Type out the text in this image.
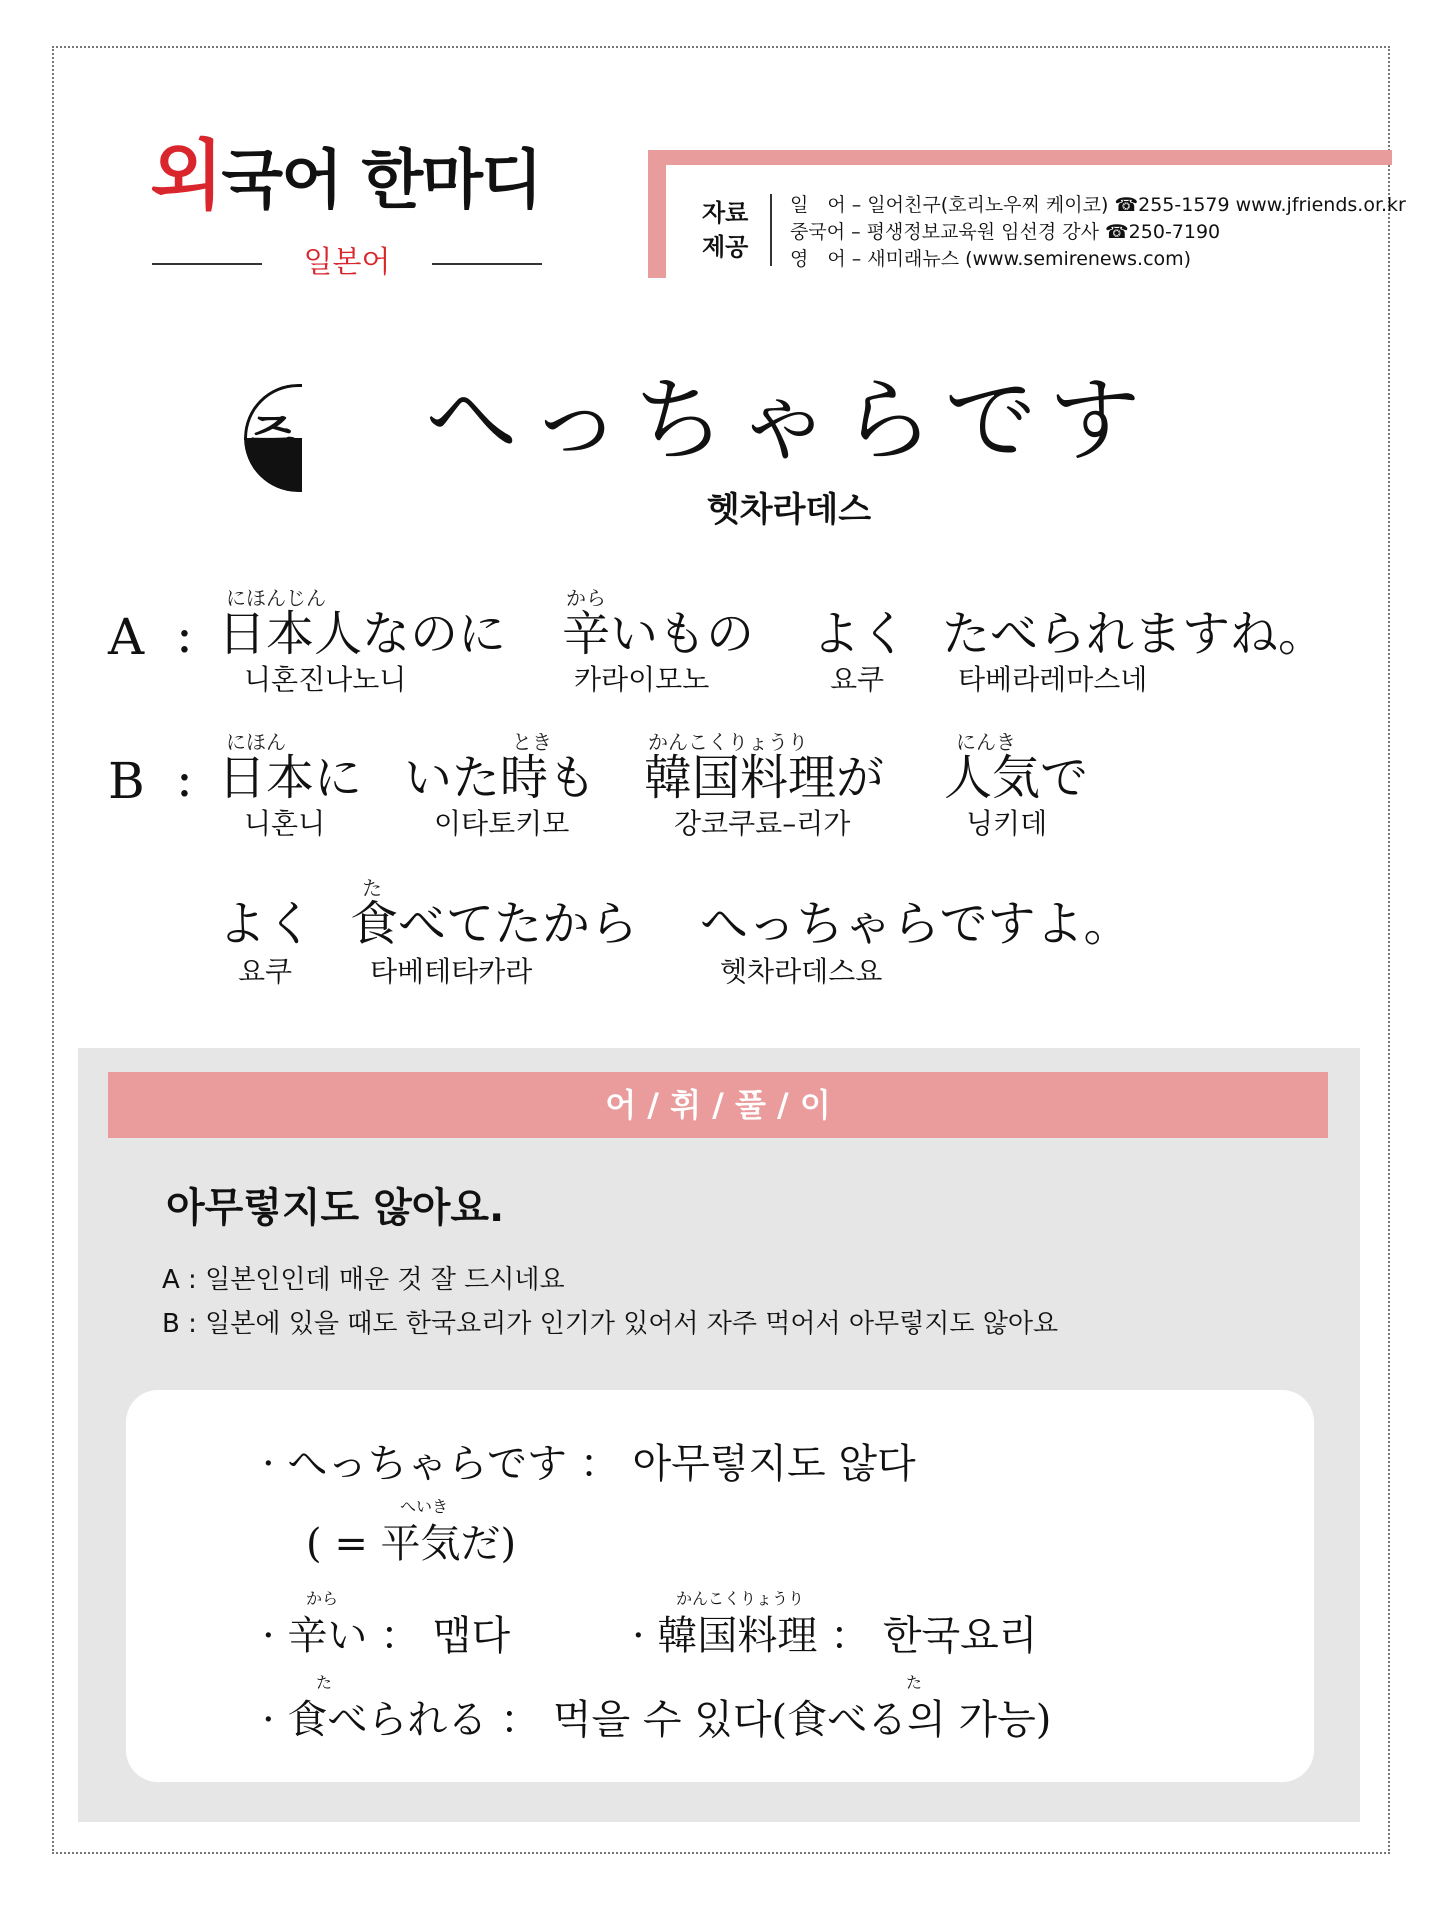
외국어 한마디
일본어
자료
제공
일　어 – 일어친구(호리노우찌 케이코) ☎255-1579 www.jfriends.or.kr
중국어 – 평생정보교육원 임선경 강사 ☎250-7190
영　어 – 새미래뉴스 (www.semirenews.com)
주	へっちゃらです
헷차라데스
A :
にほんじん	から
日本人なのに 辛いもの よく たべられますね。
니혼진나노니	카라이모노	요쿠	타베라레마스네
B :
にほん	とき	かんこくりょうり	にんき
日本に いた時も 韓国料理が 人気で
니혼니	이타토키모	강코쿠료–리가	닝키데
た
よく 食べてたから へっちゃらですよ。
요쿠	타베테타카라	헷차라데스요
어 / 휘 / 풀 / 이
아무렇지도 않아요.
A : 일본인인데 매운 것 잘 드시네요
B : 일본에 있을 때도 한국요리가 인기가 있어서 자주 먹어서 아무렇지도 않아요
· へっちゃらです ： 아무렇지도 않다
へいき
( = 平気だ)
から
· 辛い ： 맵다
かんこくりょうり
· 韓国料理 ： 한국요리
た	た
· 食べられる ： 먹을 수 있다(食べる의 가능)
